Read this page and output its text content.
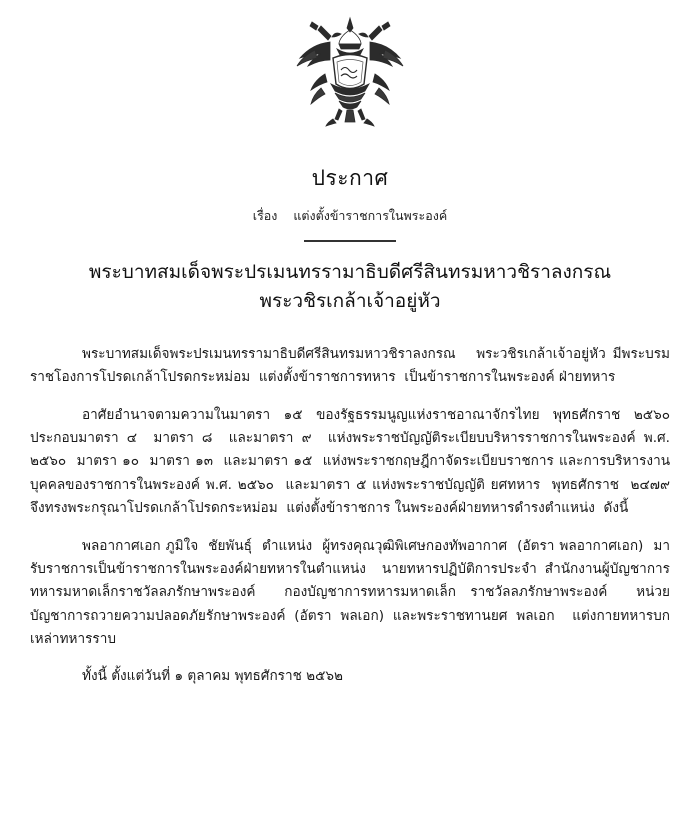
ประกาศ
เรื่อง แต่งตั้งข้าราชการในพระองค์
พระบาทสมเด็จพระปรเมนทรรามาธิบดีศรีสินทรมหาวชิราลงกรณ
พระวชิรเกล้าเจ้าอยู่หัว

พระบาทสมเด็จพระปรเมนทรรามาธิบดีศรีสินทรมหาวชิราลงกรณ   พระวชิรเกล้าเจ้าอยู่หัว มีพระบรมราชโองการโปรดเกล้าโปรดกระหม่อม  แต่งตั้งข้าราชการทหาร  เป็นข้าราชการในพระองค์ ฝ่ายทหาร

อาศัยอำนาจตามความในมาตรา ๑๕ ของรัฐธรรมนูญแห่งราชอาณาจักรไทย พุทธศักราช ๒๕๖๐ ประกอบมาตรา ๔  มาตรา ๘  และมาตรา ๙  แห่งพระราชบัญญัติระเบียบบริหารราชการในพระองค์ พ.ศ. ๒๕๖๐  มาตรา ๑๐  มาตรา ๑๓  และมาตรา ๑๕  แห่งพระราชกฤษฎีกาจัดระเบียบราชการ และการบริหารงานบุคคลของราชการในพระองค์ พ.ศ. ๒๕๖๐  และมาตรา ๕ แห่งพระราชบัญญัติ ยศทหาร  พุทธศักราช  ๒๔๗๙  จึงทรงพระกรุณาโปรดเกล้าโปรดกระหม่อม  แต่งตั้งข้าราชการ ในพระองค์ฝ่ายทหารดำรงตำแหน่ง  ดังนี้

พลอากาศเอก ภูมิใจ  ชัยพันธุ์  ตำแหน่ง  ผู้ทรงคุณวุฒิพิเศษกองทัพอากาศ  (อัตรา พลอากาศเอก)  มารับราชการเป็นข้าราชการในพระองค์ฝ่ายทหารในตำแหน่ง  นายทหารปฏิบัติการประจำ สำนักงานผู้บัญชาการทหารมหาดเล็กราชวัลลภรักษาพระองค์  กองบัญชาการทหารมหาดเล็ก ราชวัลลภรักษาพระองค์  หน่วยบัญชาการถวายความปลอดภัยรักษาพระองค์ (อัตรา พลเอก) และพระราชทานยศ พลเอก  แต่งกายทหารบก  เหล่าทหารราบ

ทั้งนี้ ตั้งแต่วันที่ ๑ ตุลาคม พุทธศักราช ๒๕๖๒
